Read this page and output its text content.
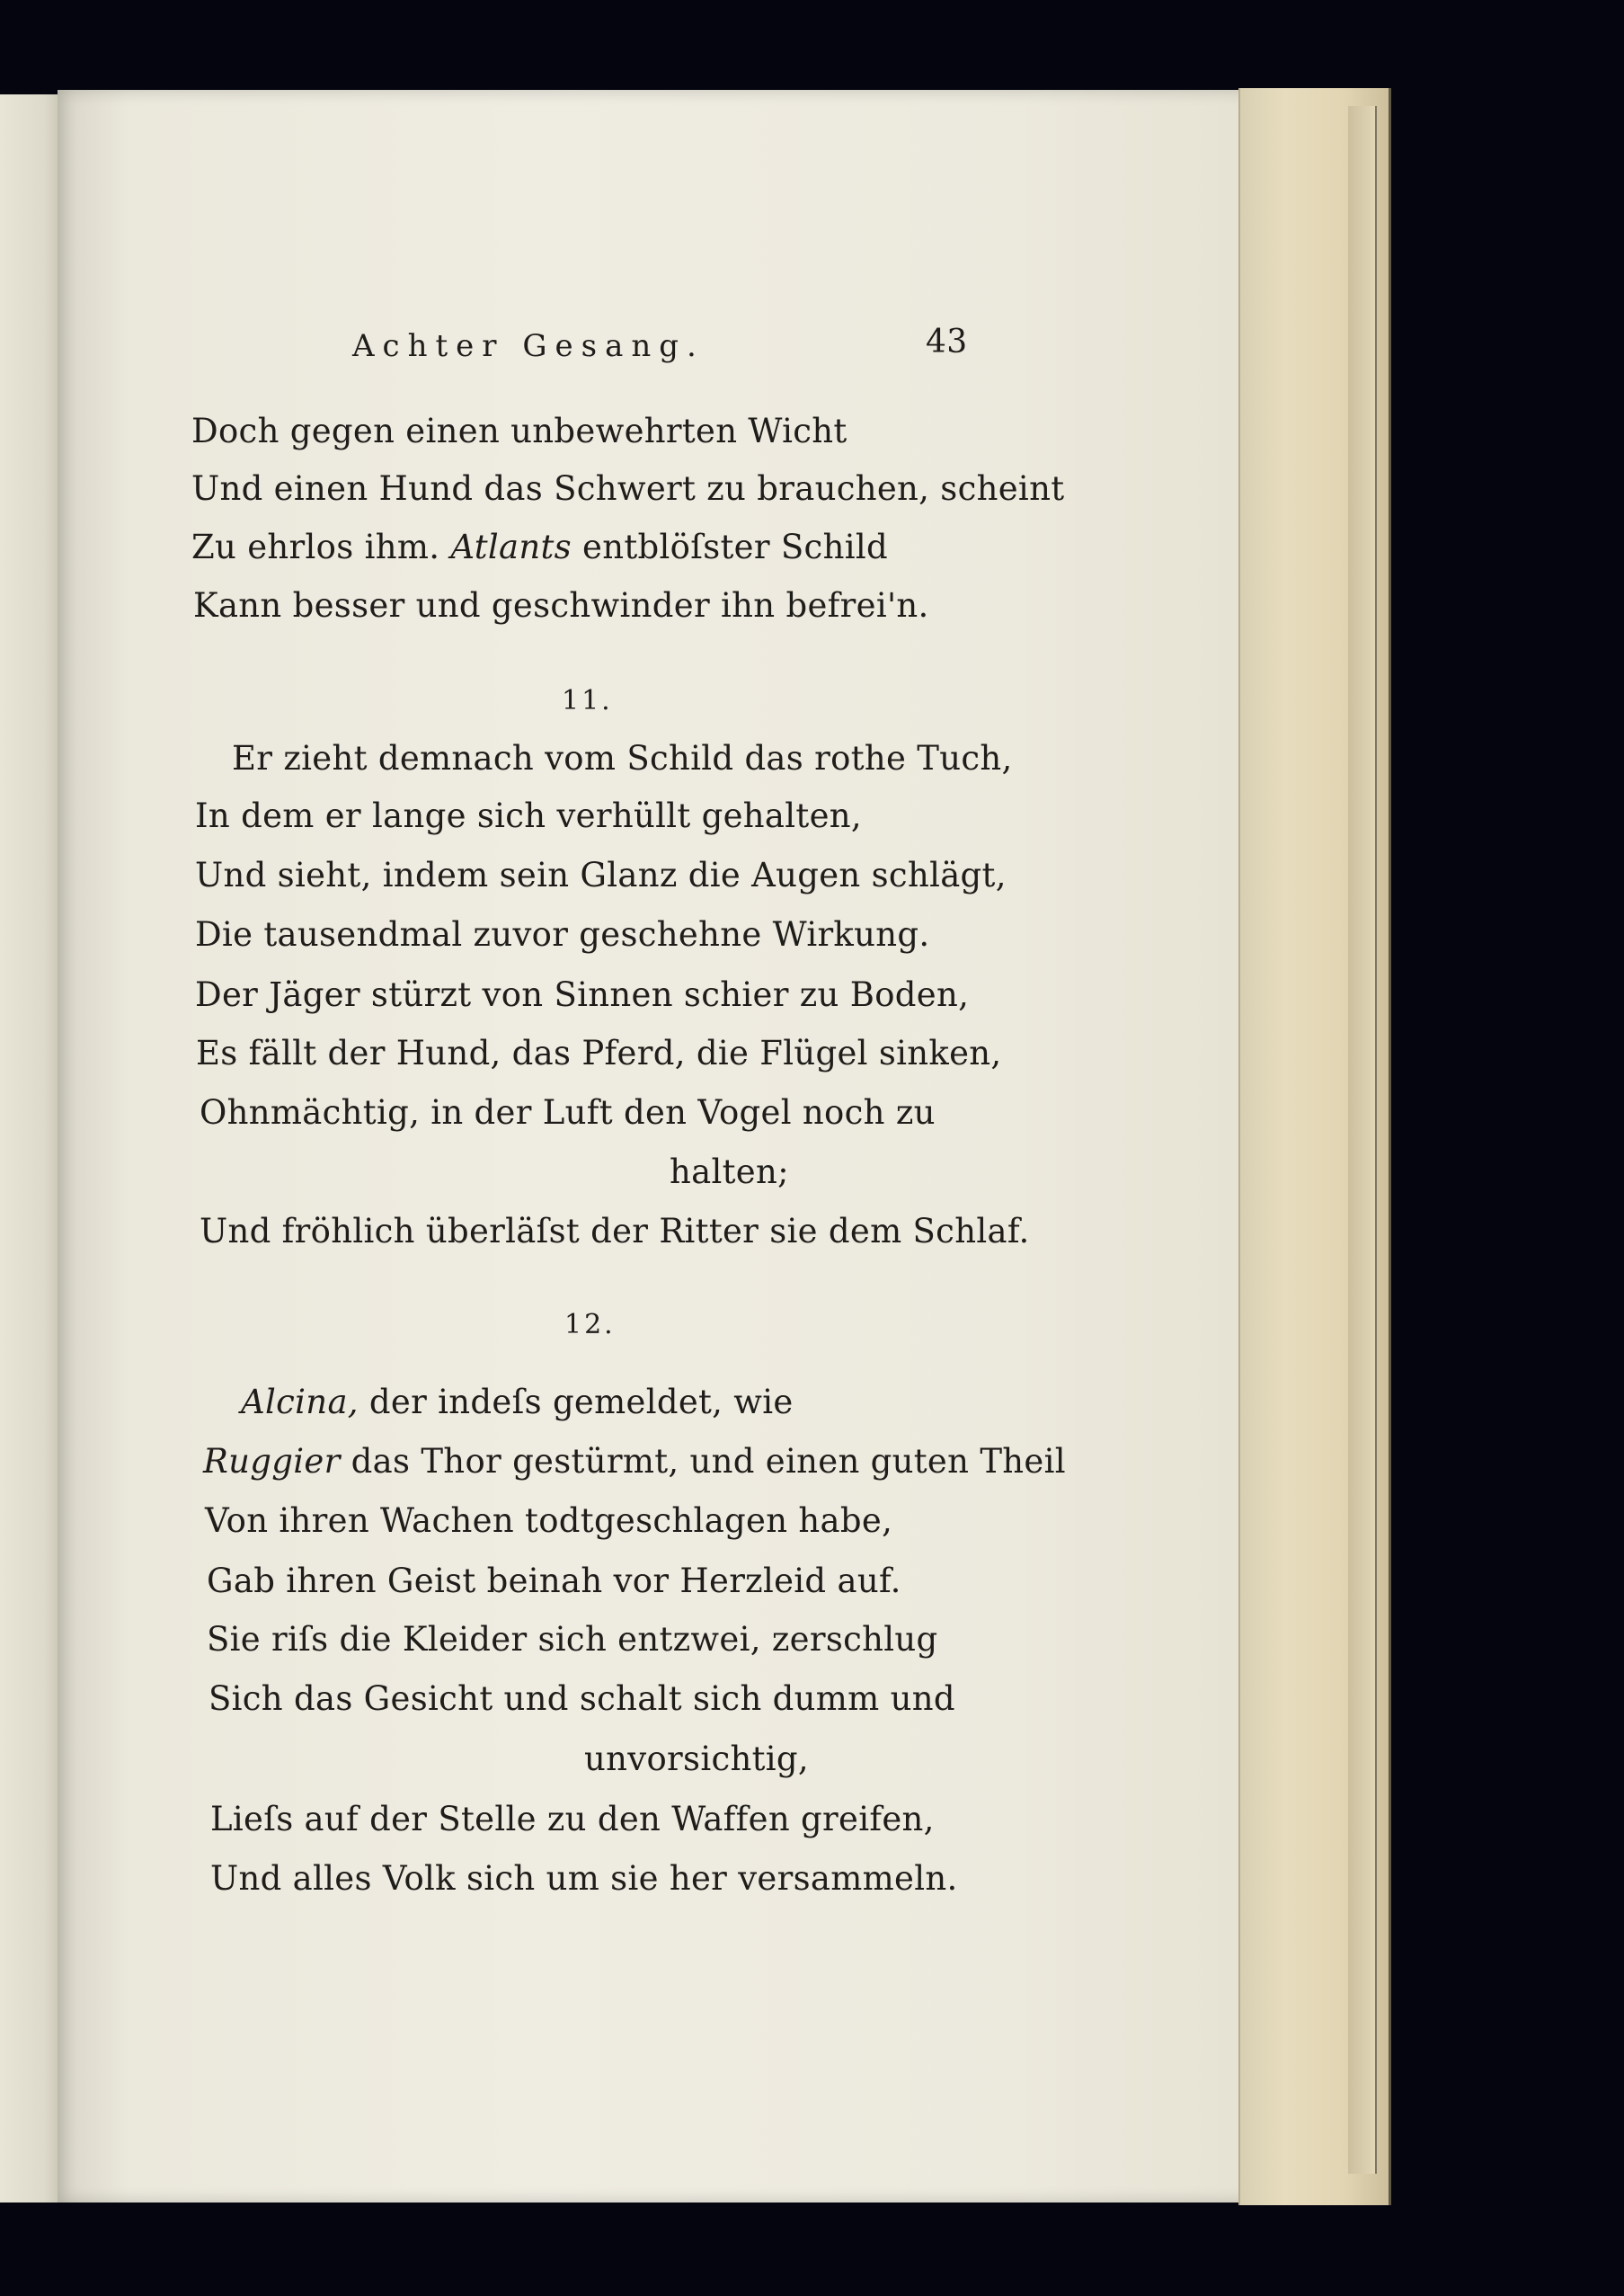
Achter Gesang.	43
Doch gegen einen unbewehrten Wicht
Und einen Hund das Schwert zu brauchen, scheint
Zu ehrlos ihm. Atlants entblöſster Schild
Kann besser und geschwinder ihn befrei'n.
11.
Er zieht demnach vom Schild das rothe Tuch,
In dem er lange sich verhüllt gehalten,
Und sieht, indem sein Glanz die Augen schlägt,
Die tausendmal zuvor geschehne Wirkung.
Der Jäger stürzt von Sinnen schier zu Boden,
Es fällt der Hund, das Pferd, die Flügel sinken,
Ohnmächtig, in der Luft den Vogel noch zu
halten;
Und fröhlich überläſst der Ritter sie dem Schlaf.
12.
Alcina, der indeſs gemeldet, wie
Ruggier das Thor gestürmt, und einen guten Theil
Von ihren Wachen todtgeschlagen habe,
Gab ihren Geist beinah vor Herzleid auf.
Sie riſs die Kleider sich entzwei, zerschlug
Sich das Gesicht und schalt sich dumm und
unvorsichtig,
Lieſs auf der Stelle zu den Waffen greifen,
Und alles Volk sich um sie her versammeln.
